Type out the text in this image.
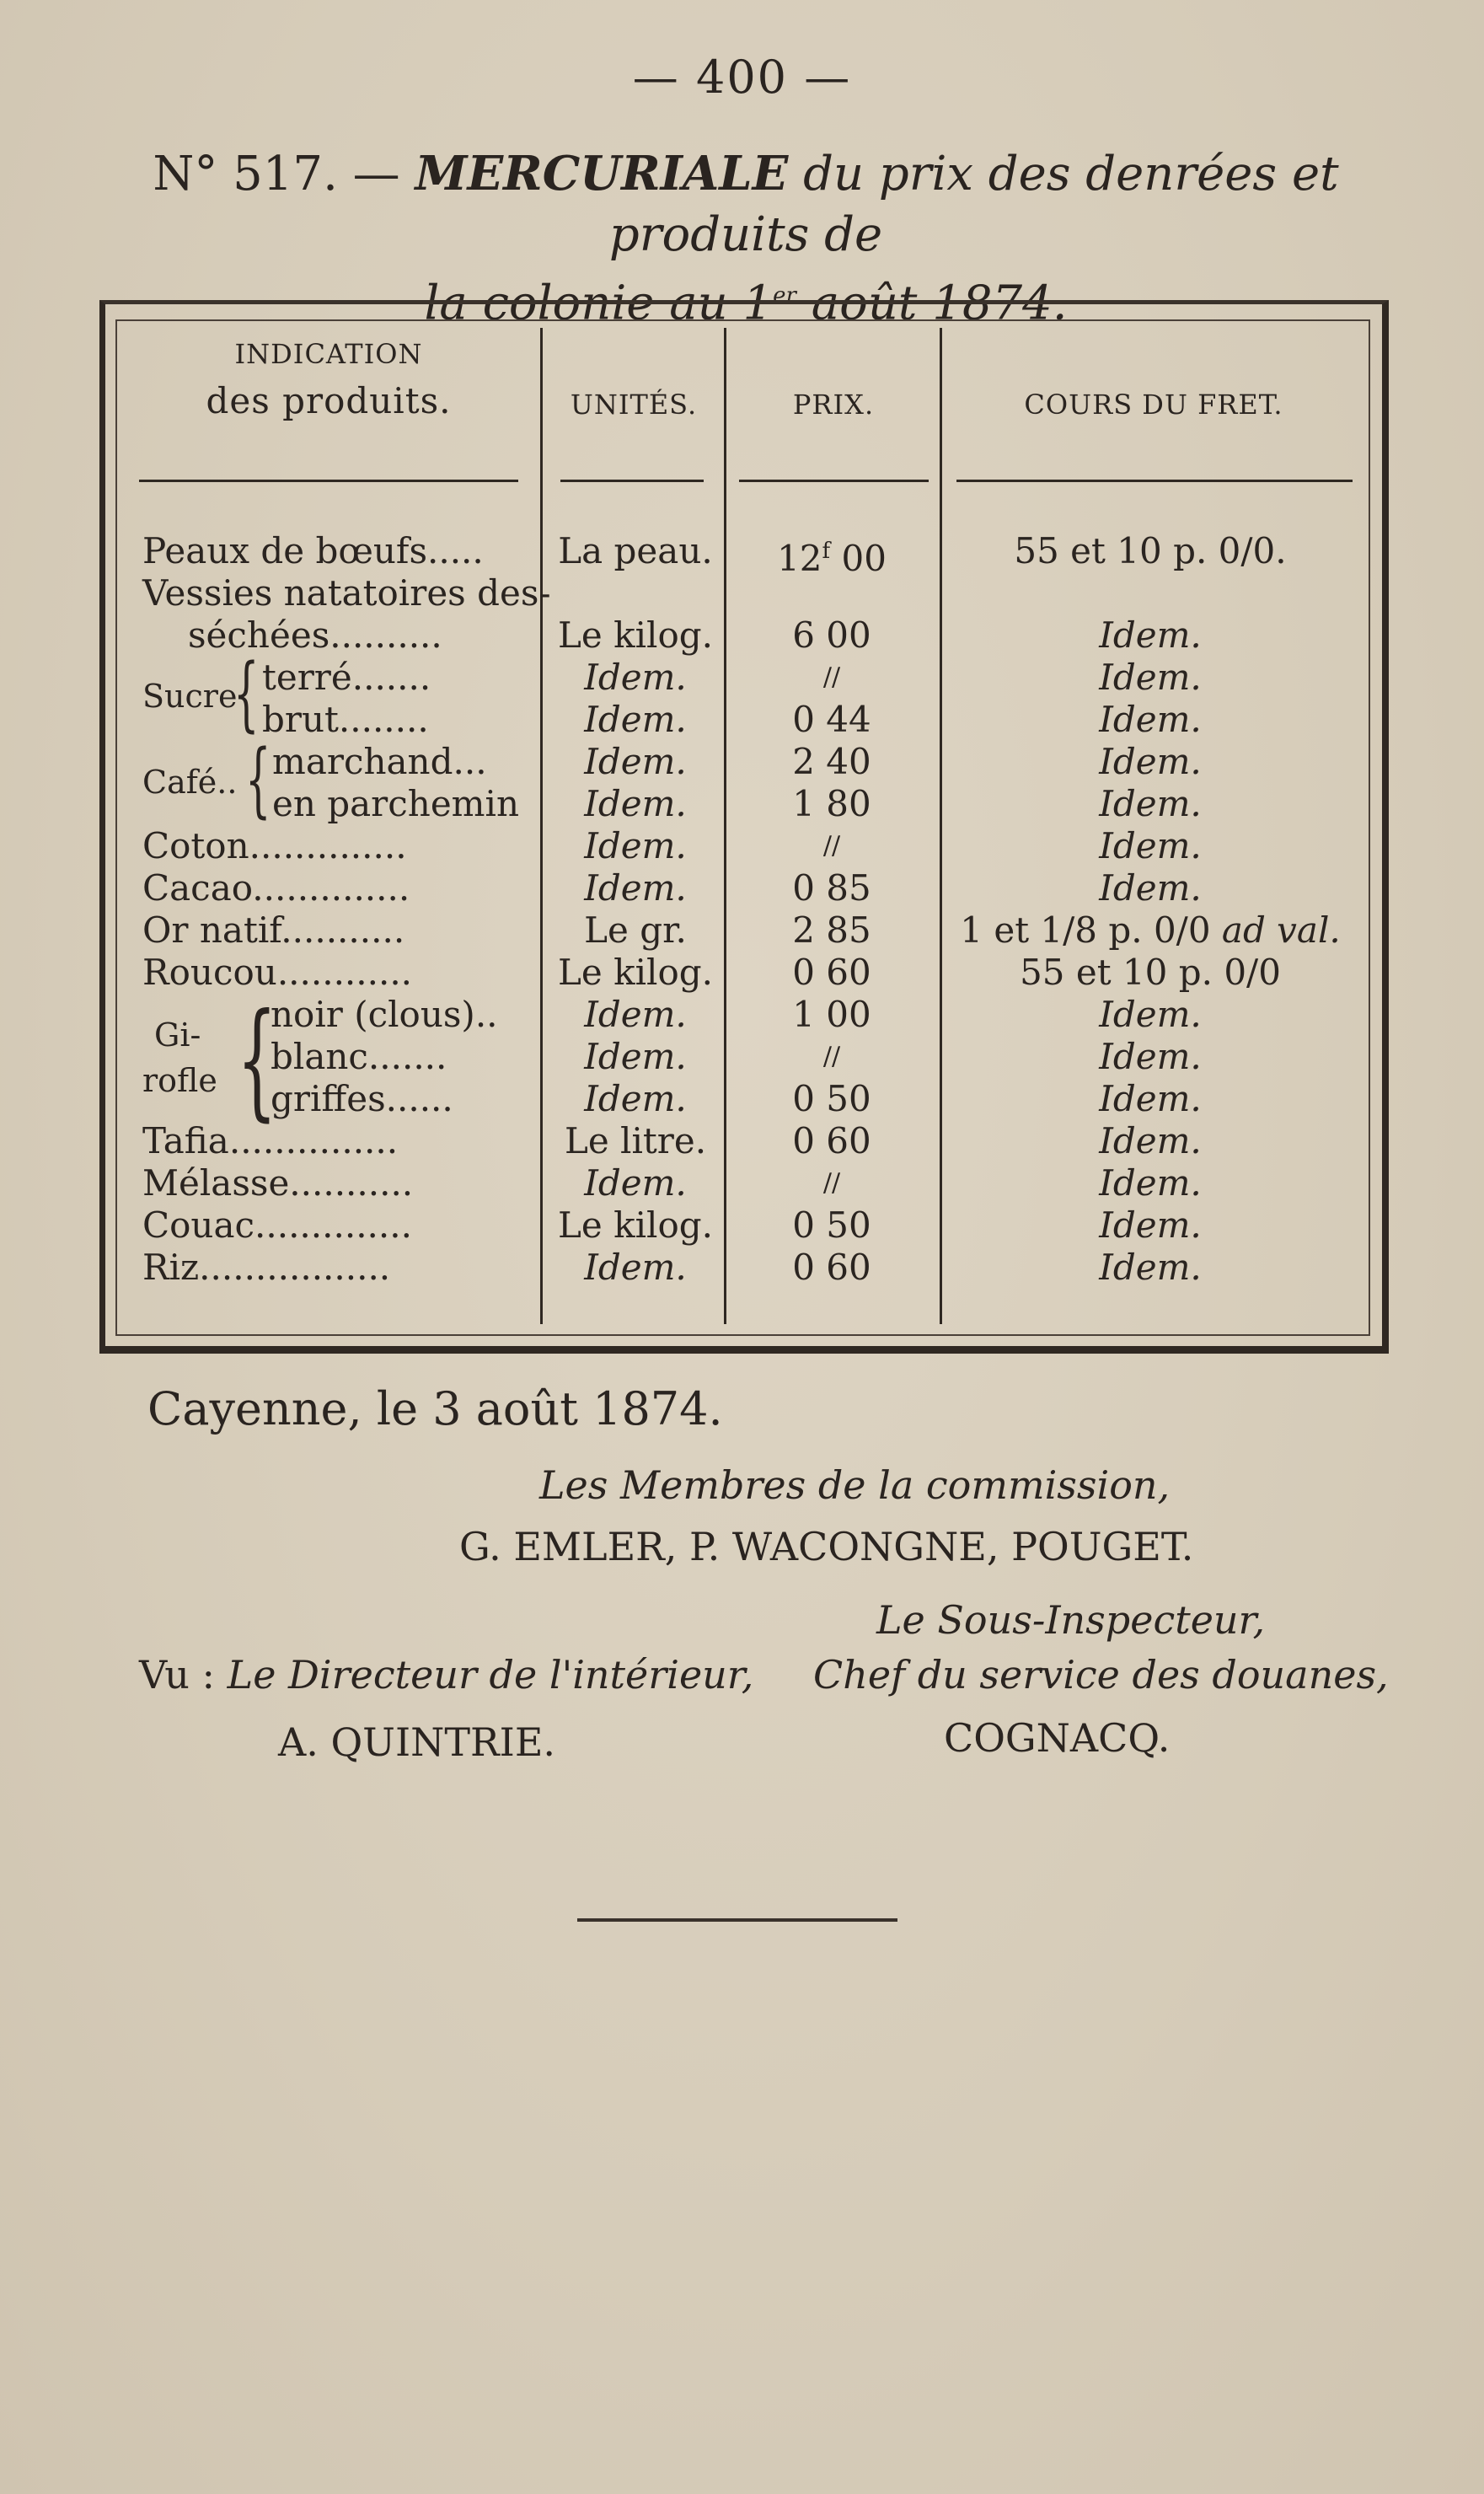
— 400 —
N° 517. — MERCURIALE du prix des denrées et produits de
la colonie au 1er août 1874.
INDICATION
des produits.	UNITÉS.	PRIX.	COURS DU FRET.
Peaux de bœufs.....	La peau.	12$^f$ 00	55 et 10 p. 0/0.
Vessies natatoires des-
séchées..........	Le kilog.	6 00	Idem.
Sucre
{ terré.......	Idem.	//	Idem.
brut........	Idem.	0 44	Idem.
Café.. { marchand...	Idem.	2 40	Idem.
en parchemin	Idem.	1 80	Idem.
Coton..............	Idem.	//	Idem.
Cacao..............	Idem.	0 85	Idem.
Or natif...........	Le gr.	2 85	1 et 1/8 p. 0/0 ad val.
Roucou............	Le kilog.	0 60	55 et 10 p. 0/0
Gi-
rofle {
noir (clous)..	Idem.	1 00	Idem.
blanc.......	Idem.	//	Idem.
griffes......	Idem.	0 50	Idem.
Tafia...............	Le litre.	0 60	Idem.
Mélasse...........	Idem.	//	Idem.
Couac..............	Le kilog.	0 50	Idem.
Riz.................	Idem.	0 60	Idem.
Cayenne, le 3 août 1874.
Les Membres de la commission,
G. EMLER, P. WACONGNE, POUGET.
Le Sous-Inspecteur,
Vu : Le Directeur de l'intérieur, Chef du service des douanes,
A. QUINTRIE.	COGNACQ.
